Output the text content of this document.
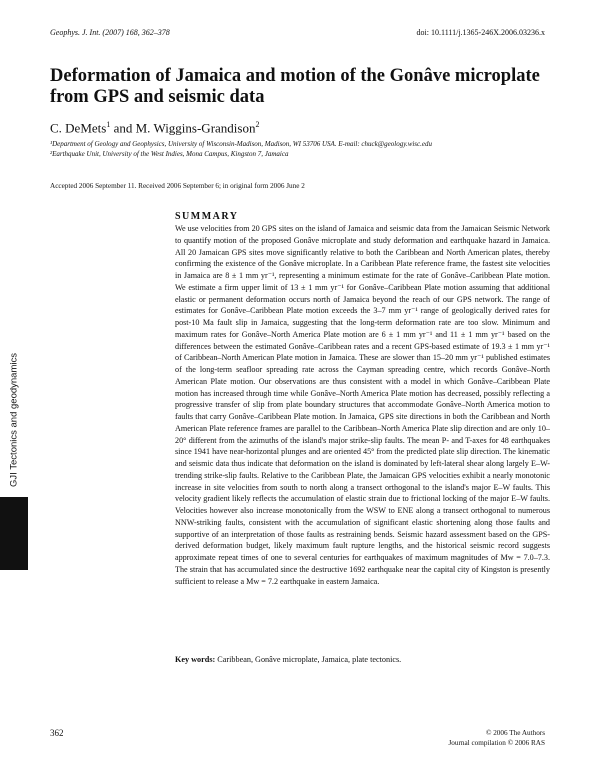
Geophys. J. Int. (2007) 168, 362–378	doi: 10.1111/j.1365-246X.2006.03236.x
Deformation of Jamaica and motion of the Gonâve microplate from GPS and seismic data
C. DeMets$^1$ and M. Wiggins-Grandison$^2$
¹Department of Geology and Geophysics, University of Wisconsin-Madison, Madison, WI 53706 USA. E-mail: chuck@geology.wisc.edu
²Earthquake Unit, University of the West Indies, Mona Campus, Kingston 7, Jamaica
Accepted 2006 September 11. Received 2006 September 6; in original form 2006 June 2
GJI Tectonics and geodynamics
SUMMARY

We use velocities from 20 GPS sites on the island of Jamaica and seismic data from the Jamaican Seismic Network to quantify motion of the proposed Gonâve microplate and study deformation and earthquake hazard in Jamaica. All 20 Jamaican GPS sites move significantly relative to both the Caribbean and North American plates, thereby confirming the existence of the Gonâve microplate. In a Caribbean Plate reference frame, the fastest site velocities in Jamaica are 8 ± 1 mm yr⁻¹, representing a minimum estimate for the rate of Gonâve–Caribbean Plate motion. We estimate a firm upper limit of 13 ± 1 mm yr⁻¹ for Gonâve–Caribbean Plate motion assuming that additional elastic or permanent deformation occurs north of Jamaica beyond the reach of our GPS network. The range of estimates for Gonâve–Caribbean Plate motion exceeds the 3–7 mm yr⁻¹ range of geologically derived rates for post-10 Ma fault slip in Jamaica, suggesting that the long-term deformation rate are too slow. Minimum and maximum rates for Gonâve–North America Plate motion are 6 ± 1 mm yr⁻¹ and 11 ± 1 mm yr⁻¹ based on the differences between the estimated Gonâve–Caribbean rates and a recent GPS-based estimate of 19.3 ± 1 mm yr⁻¹ of Caribbean–North American Plate motion in Jamaica. These are slower than 15–20 mm yr⁻¹ published estimates of the long-term seafloor spreading rate across the Cayman spreading centre, which records Gonâve–North American Plate motion. Our observations are thus consistent with a model in which Gonâve–Caribbean Plate motion has increased through time while Gonâve–North America Plate motion has decreased, possibly reflecting a progressive transfer of slip from plate boundary structures that accommodate Gonâve–North America motion to faults that carry Gonâve–Caribbean Plate motion. In Jamaica, GPS site directions in both the Caribbean and North American Plate reference frames are parallel to the Caribbean–North America Plate slip direction and are only 10–20° different from the azimuths of the island's major strike-slip faults. The mean P- and T-axes for 48 earthquakes since 1941 have near-horizontal plunges and are oriented 45° from the predicted plate slip direction. The kinematic and seismic data thus indicate that deformation on the island is dominated by left-lateral shear along largely E–W-trending strike-slip faults. Relative to the Caribbean Plate, the Jamaican GPS velocities exhibit a nearly monotonic increase in site velocities from south to north along a transect orthogonal to the island's major E–W faults. This velocity gradient likely reflects the accumulation of elastic strain due to frictional locking of the major E–W faults. Velocities however also increase monotonically from the WSW to ENE along a transect orthogonal to numerous NNW-striking faults, consistent with the accumulation of significant elastic shortening along those faults and supportive of an interpretation of those faults as restraining bends. Seismic hazard assessment based on the GPS-derived deformation budget, likely maximum fault rupture lengths, and the historical seismic record suggests approximate repeat times of one to several centuries for earthquakes of maximum magnitudes of Mw = 7.0–7.3. The strain that has accumulated since the destructive 1692 earthquake near the capital city of Kingston is presently sufficient to release a Mw = 7.2 earthquake in eastern Jamaica.

Key words: Caribbean, Gonâve microplate, Jamaica, plate tectonics.
362	© 2006 The Authors
Journal compilation © 2006 RAS
